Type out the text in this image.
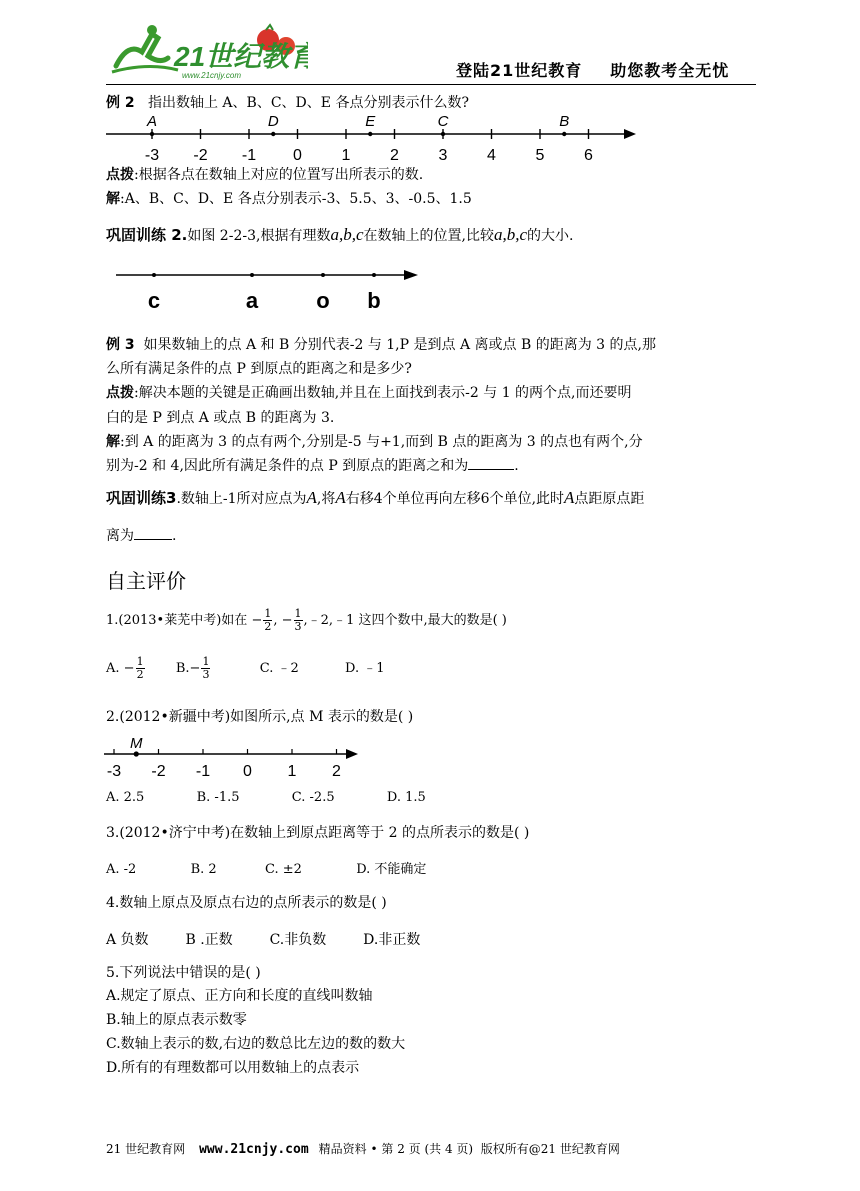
21世纪教育
www.21cnjy.com	登陆21世纪教育 助您教考全无忧
例 2 指出数轴上 A、B、C、D、E 各点分别表示什么数?
-3 -2 -1 0 1 2 3 4 5 6
A	D	E	C	B
点拨:根据各点在数轴上对应的位置写出所表示的数.
解:A、B、C、D、E 各点分别表示-3、5.5、3、-0.5、1.5
巩固训练 2.如图 2-2-3,根据有理数a,b,c在数轴上的位置,比较a,b,c的大小.
c	a	o b
例 3 如果数轴上的点 A 和 B 分别代表-2 与 1,P 是到点 A 离或点 B 的距离为 3 的点,那
么所有满足条件的点 P 到原点的距离之和是多少?
点拨:解决本题的关键是正确画出数轴,并且在上面找到表示-2 与 1 的两个点,而还要明
白的是 P 到点 A 或点 B 的距离为 3.
解:到 A 的距离为 3 的点有两个,分别是-5 与+1,而到 B 点的距离为 3 的点也有两个,分
别为-2 和 4,因此所有满足条件的点 P 到原点的距离之和为	.
巩固训练3.数轴上-1所对应点为A,将A右移4个单位再向左移6个单位,此时A点距原点距
离为	.
自主评价
1.(2013•莱芜中考)如在 − $\frac{1}{2}$ , − $\frac{1}{3}$ ,﹣2,﹣1 这四个数中,最大的数是( )
A. − $\frac{1}{2} B.- \frac{1}{3}$	C. ﹣2	D. ﹣1
2.(2012•新疆中考)如图所示,点 M 表示的数是( )
-3 -2 -1 0 1 2
M
A. 2.5	B. -1.5	C. -2.5	D. 1.5
3.(2012•济宁中考)在数轴上到原点距离等于 2 的点所表示的数是( )
A. -2	B. 2	C. ±2	D. 不能确定
4.数轴上原点及原点右边的点所表示的数是( )
A 负数	B .正数	C.非负数	D.非正数
5.下列说法中错误的是( )
A.规定了原点、正方向和长度的直线叫数轴
B.轴上的原点表示数零
C.数轴上表示的数,右边的数总比左边的数的数大
D.所有的有理数都可以用数轴上的点表示
21 世纪教育网 www.21cnjy.com 精品资料 • 第 2 页 (共 4 页) 版权所有@21 世纪教育网
